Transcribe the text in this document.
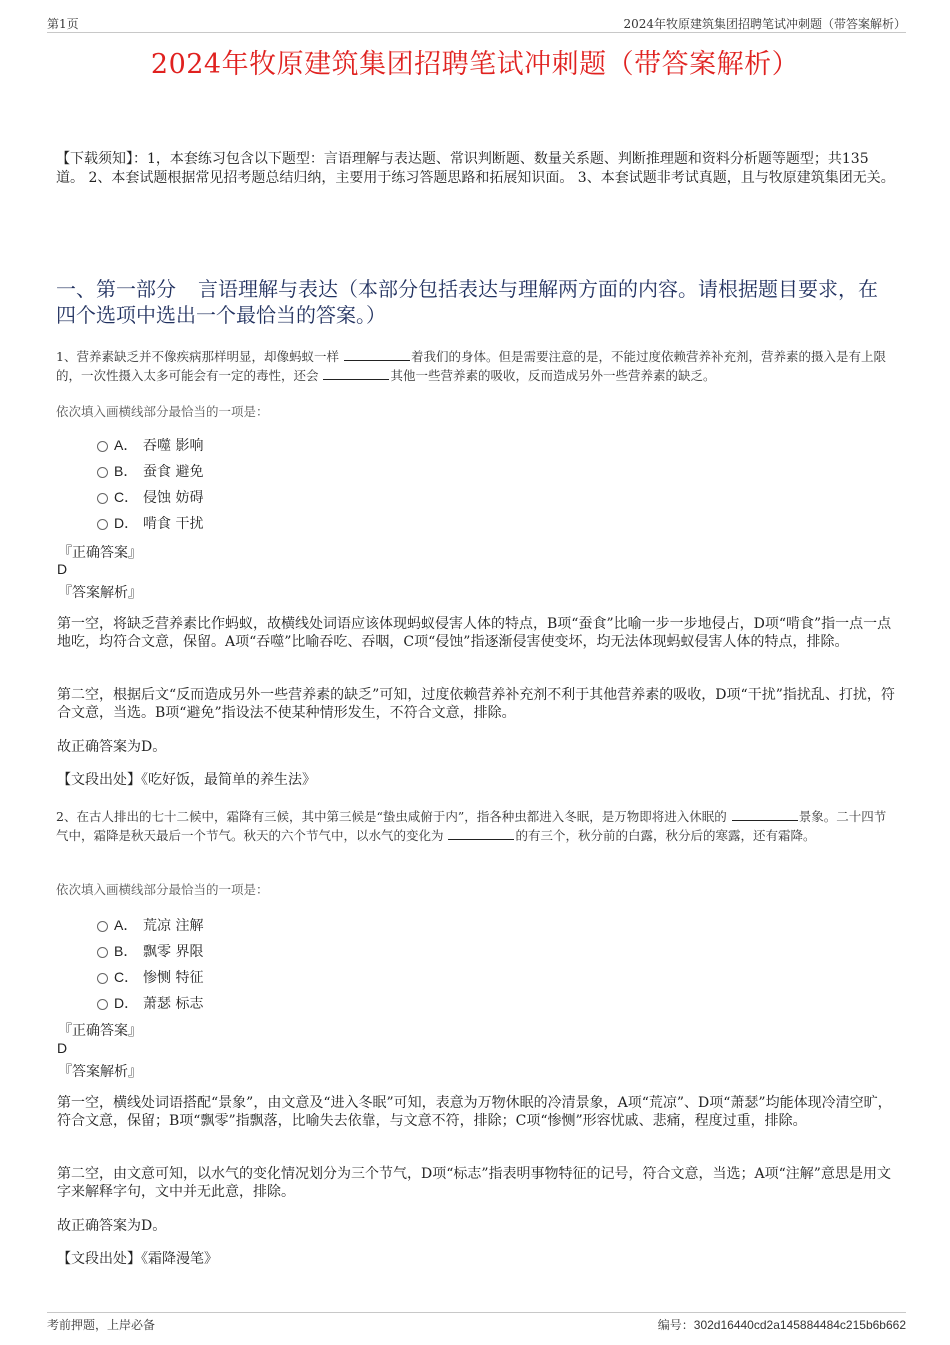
第1页	2024年牧原建筑集团招聘笔试冲刺题（带答案解析）
2024年牧原建筑集团招聘笔试冲刺题（带答案解析）
【下载须知】：1，本套练习包含以下题型：言语理解与表达题、常识判断题、数量关系题、判断推理题和资料分析题等题型；共135道。 2、本套试题根据常见招考题总结归纳，主要用于练习答题思路和拓展知识面。 3、本套试题非考试真题，且与牧原建筑集团无关。
一、第一部分 言语理解与表达（本部分包括表达与理解两方面的内容。请根据题目要求，在四个选项中选出一个最恰当的答案。）
1、营养素缺乏并不像疾病那样明显，却像蚂蚁一样	着我们的身体。但是需要注意的是，不能过度依赖营养补充剂，营养素的摄入是有上限的，一次性摄入太多可能会有一定的毒性，还会	其他一些营养素的吸收，反而造成另外一些营养素的缺乏。
依次填入画横线部分最恰当的一项是：
A． 吞噬 影响
B． 蚕食 避免
C． 侵蚀 妨碍
D． 啃食 干扰
『正确答案』
D
『答案解析』
第一空，将缺乏营养素比作蚂蚁，故横线处词语应该体现蚂蚁侵害人体的特点，B项“蚕食”比喻一步一步地侵占，D项“啃食”指一点一点地吃，均符合文意，保留。A项“吞噬”比喻吞吃、吞咽，C项“侵蚀”指逐渐侵害使变坏，均无法体现蚂蚁侵害人体的特点，排除。
第二空，根据后文“反而造成另外一些营养素的缺乏”可知，过度依赖营养补充剂不利于其他营养素的吸收，D项“干扰”指扰乱、打扰，符合文意，当选。B项“避免”指设法不使某种情形发生，不符合文意，排除。
故正确答案为D。
【文段出处】《吃好饭，最简单的养生法》
2、在古人排出的七十二候中，霜降有三候，其中第三候是“蛰虫咸俯于内”，指各种虫都进入冬眠，是万物即将进入休眠的	景象。二十四节气中，霜降是秋天最后一个节气。秋天的六个节气中，以水气的变化为	的有三个，秋分前的白露，秋分后的寒露，还有霜降。
依次填入画横线部分最恰当的一项是：
A． 荒凉 注解
B． 飘零 界限
C． 惨恻 特征
D． 萧瑟 标志
『正确答案』
D
『答案解析』
第一空，横线处词语搭配“景象”，由文意及“进入冬眠”可知，表意为万物休眠的冷清景象，A项“荒凉”、D项“萧瑟”均能体现冷清空旷，符合文意，保留；B项“飘零”指飘落，比喻失去依靠，与文意不符，排除；C项“惨恻”形容忧戚、悲痛，程度过重，排除。
第二空，由文意可知，以水气的变化情况划分为三个节气，D项“标志”指表明事物特征的记号，符合文意，当选；A项“注解”意思是用文字来解释字句，文中并无此意，排除。
故正确答案为D。
【文段出处】《霜降漫笔》
考前押题，上岸必备	编号：302d16440cd2a145884484c215b6b662
